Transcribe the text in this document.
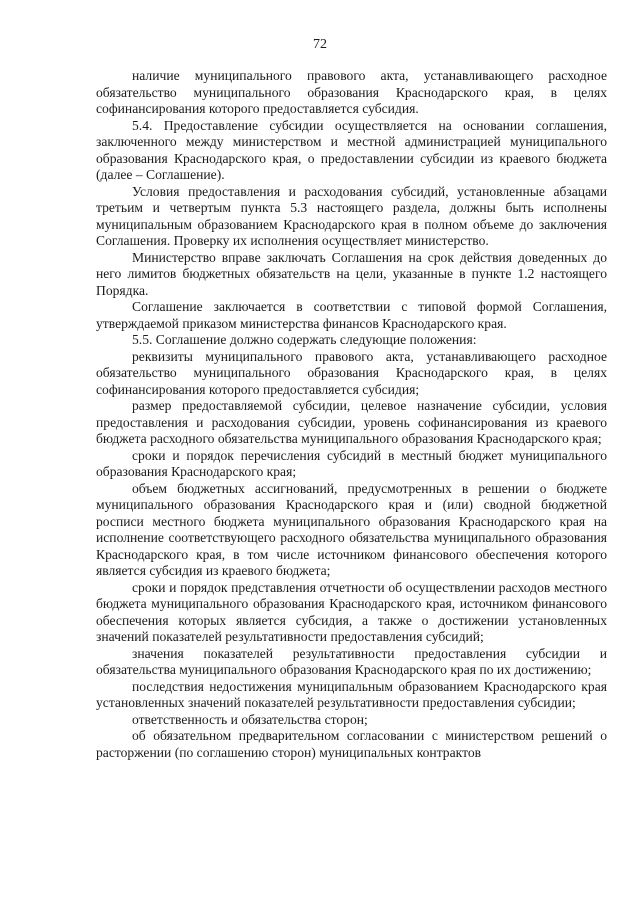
72

наличие муниципального правового акта, устанавливающего расходное обязательство муниципального образования Краснодарского края, в целях софинансирования которого предоставляется субсидия.

5.4. Предоставление субсидии осуществляется на основании соглашения, заключенного между министерством и местной администрацией муниципального образования Краснодарского края, о предоставлении субсидии из краевого бюджета (далее – Соглашение).

Условия предоставления и расходования субсидий, установленные абзацами третьим и четвертым пункта 5.3 настоящего раздела, должны быть исполнены муниципальным образованием Краснодарского края в полном объеме до заключения Соглашения. Проверку их исполнения осуществляет министерство.

Министерство вправе заключать Соглашения на срок действия доведенных до него лимитов бюджетных обязательств на цели, указанные в пункте 1.2 настоящего Порядка.

Соглашение заключается в соответствии с типовой формой Соглашения, утверждаемой приказом министерства финансов Краснодарского края.

5.5. Соглашение должно содержать следующие положения:

реквизиты муниципального правового акта, устанавливающего расходное обязательство муниципального образования Краснодарского края, в целях софинансирования которого предоставляется субсидия;

размер предоставляемой субсидии, целевое назначение субсидии, условия предоставления и расходования субсидии, уровень софинансирования из краевого бюджета расходного обязательства муниципального образования Краснодарского края;

сроки и порядок перечисления субсидий в местный бюджет муниципального образования Краснодарского края;

объем бюджетных ассигнований, предусмотренных в решении о бюджете муниципального образования Краснодарского края и (или) сводной бюджетной росписи местного бюджета муниципального образования Краснодарского края на исполнение соответствующего расходного обязательства муниципального образования Краснодарского края, в том числе источником финансового обеспечения которого является субсидия из краевого бюджета;

сроки и порядок представления отчетности об осуществлении расходов местного бюджета муниципального образования Краснодарского края, источником финансового обеспечения которых является субсидия, а также о достижении установленных значений показателей результативности предоставления субсидий;

значения показателей результативности предоставления субсидии и обязательства муниципального образования Краснодарского края по их достижению;

последствия недостижения муниципальным образованием Краснодарского края установленных значений показателей результативности предоставления субсидии;

ответственность и обязательства сторон;

об обязательном предварительном согласовании с министерством решений о расторжении (по соглашению сторон) муниципальных контрактов
